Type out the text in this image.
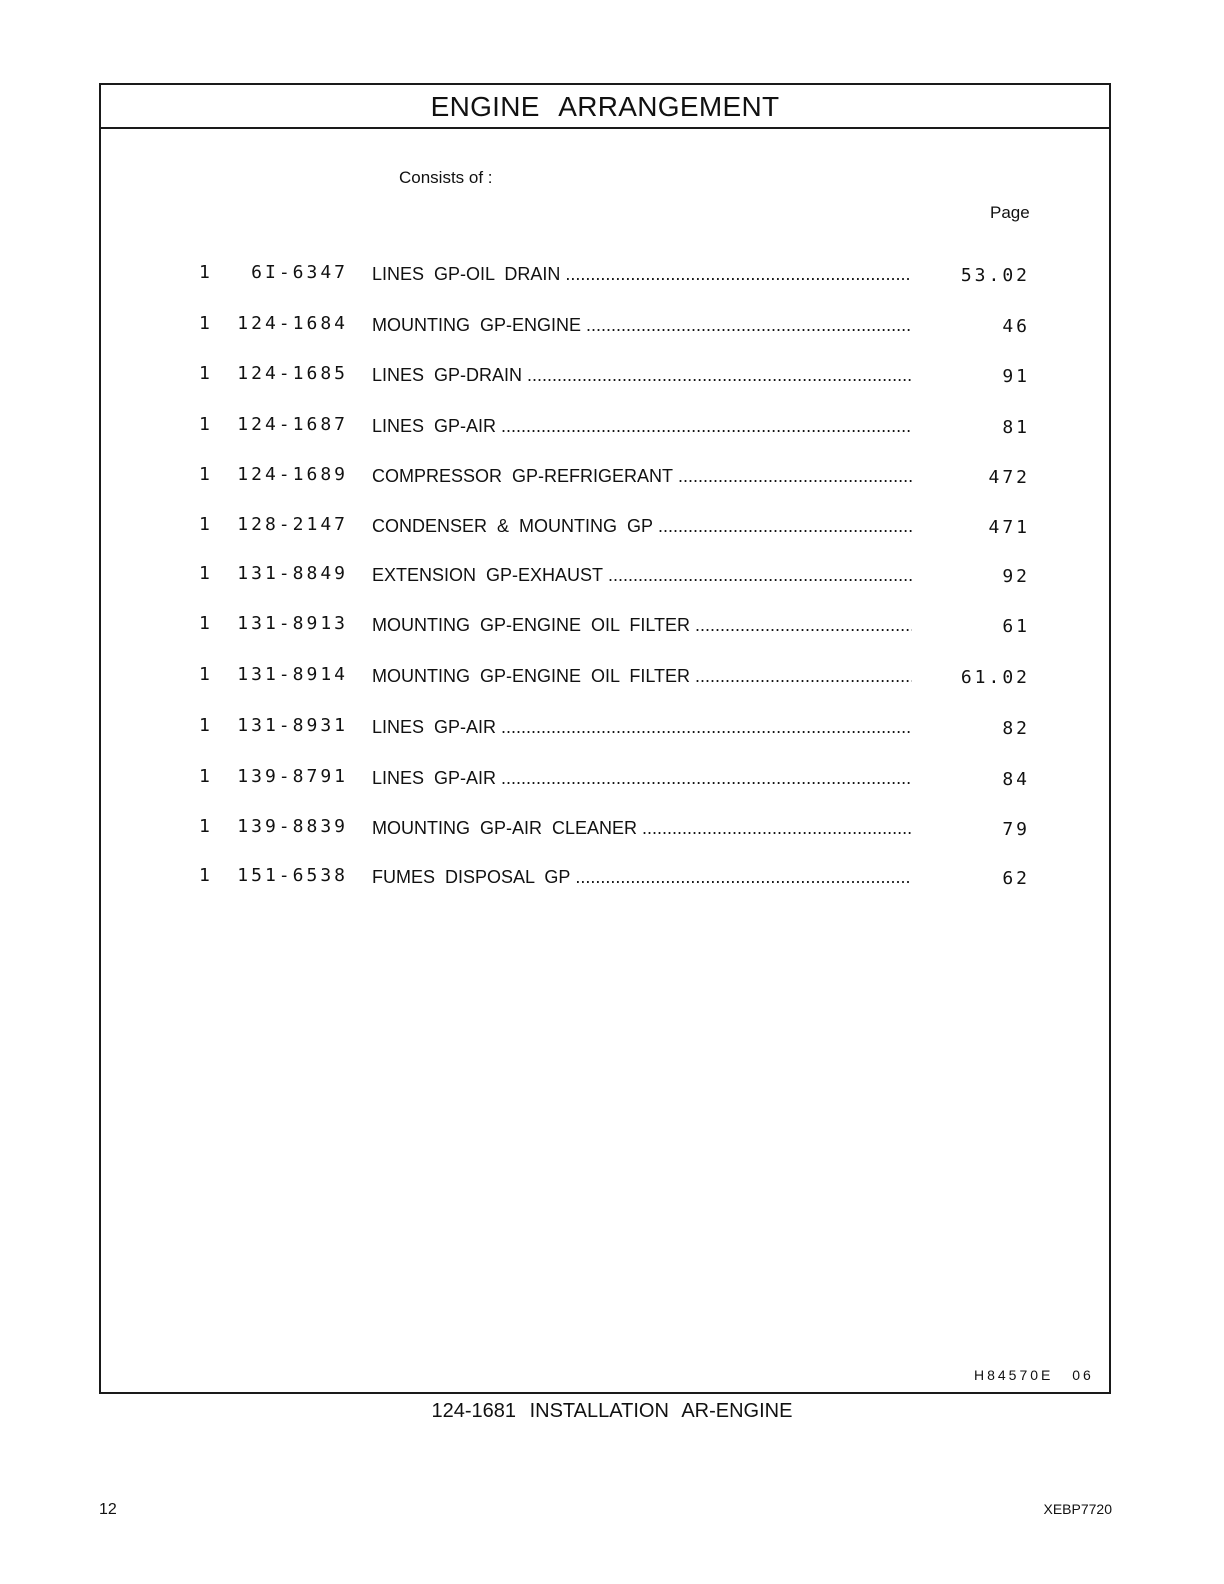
ENGINE ARRANGEMENT
Consists of :
Page
1	6I-6347 LINES GP-OIL DRAIN .....	53.02
1 124-1684 MOUNTING GP-ENGINE .....	46
1 124-1685 LINES GP-DRAIN .....	91
1 124-1687 LINES GP-AIR .....	81
1 124-1689 COMPRESSOR GP-REFRIGERANT .....	472
1 128-2147 CONDENSER & MOUNTING GP .....	471
1 131-8849 EXTENSION GP-EXHAUST .....	92
1 131-8913 MOUNTING GP-ENGINE OIL FILTER .....	61
1 131-8914 MOUNTING GP-ENGINE OIL FILTER .....	61.02
1 131-8931 LINES GP-AIR .....	82
1 139-8791 LINES GP-AIR .....	84
1 139-8839 MOUNTING GP-AIR CLEANER .....	79
1 151-6538 FUMES DISPOSAL GP .....	62
H84570E 06
124-1681 INSTALLATION AR-ENGINE
12	XEBP7720
